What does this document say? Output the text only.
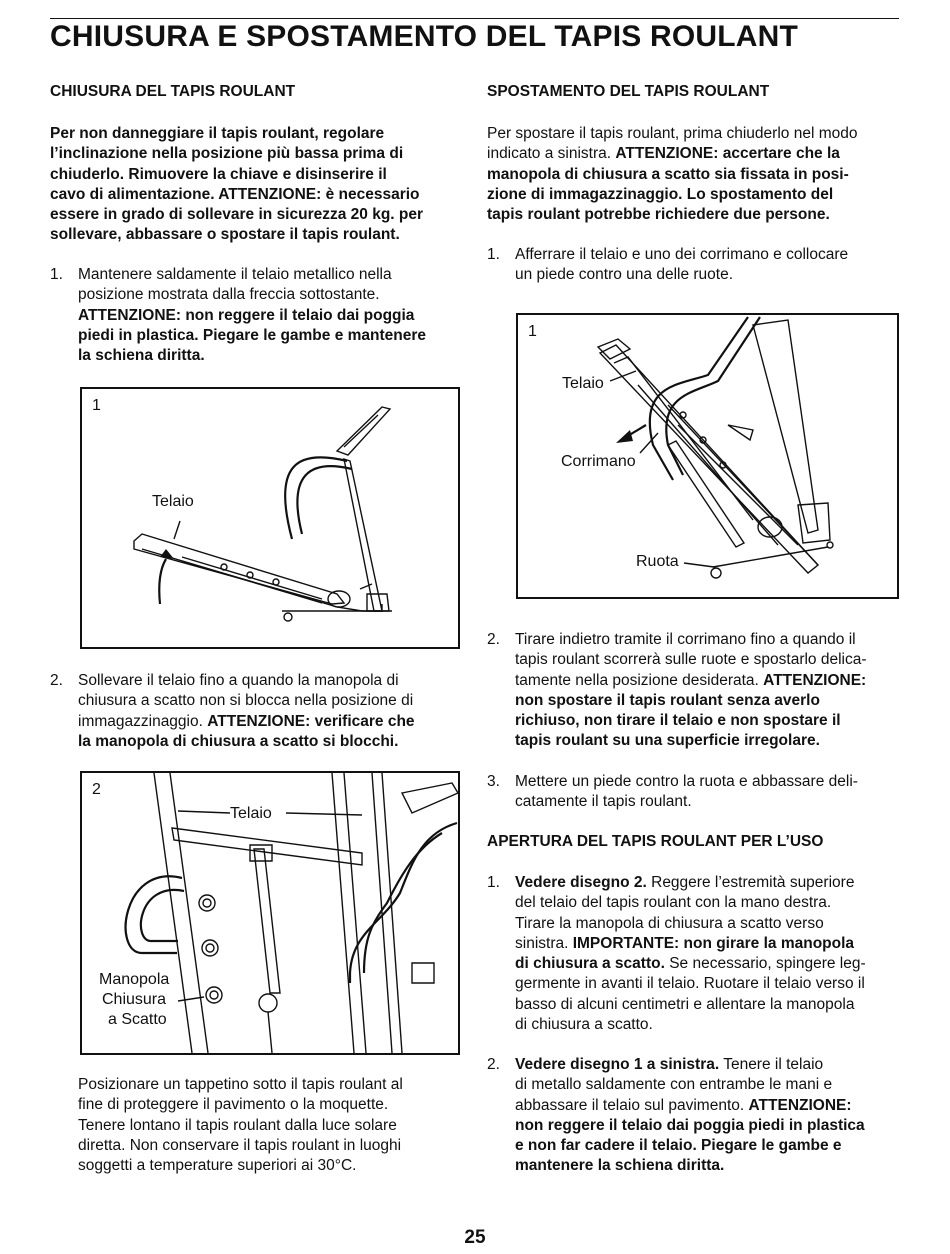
CHIUSURA E SPOSTAMENTO DEL TAPIS ROULANT
CHIUSURA DEL TAPIS ROULANT
Per non danneggiare il tapis roulant, regolare
l’inclinazione nella posizione più bassa prima di
chiuderlo. Rimuovere la chiave e disinserire il
cavo di alimentazione. ATTENZIONE: è necessario
essere in grado di sollevare in sicurezza 20 kg. per
sollevare, abbassare o spostare il tapis roulant.
1. Mantenere saldamente il telaio metallico nella
posizione mostrata dalla freccia sottostante.
ATTENZIONE: non reggere il telaio dai poggia
piedi in plastica. Piegare le gambe e mantenere
la schiena diritta.
1
Telaio
2. Sollevare il telaio fino a quando la manopola di
chiusura a scatto non si blocca nella posizione di
immagazzinaggio. ATTENZIONE: verificare che
la manopola di chiusura a scatto si blocchi.
2
Telaio
Manopola
Chiusura
a Scatto
Posizionare un tappetino sotto il tapis roulant al
fine di proteggere il pavimento o la moquette.
Tenere lontano il tapis roulant dalla luce solare
diretta. Non conservare il tapis roulant in luoghi
soggetti a temperature superiori ai 30°C.
SPOSTAMENTO DEL TAPIS ROULANT
Per spostare il tapis roulant, prima chiuderlo nel modo
indicato a sinistra. ATTENZIONE: accertare che la
manopola di chiusura a scatto sia fissata in posi-
zione di immagazzinaggio. Lo spostamento del
tapis roulant potrebbe richiedere due persone.
1. Afferrare il telaio e uno dei corrimano e collocare
un piede contro una delle ruote.
1
Telaio
Corrimano
Ruota
2. Tirare indietro tramite il corrimano fino a quando il
tapis roulant scorrerà sulle ruote e spostarlo delica-
tamente nella posizione desiderata. ATTENZIONE:
non spostare il tapis roulant senza averlo
richiuso, non tirare il telaio e non spostare il
tapis roulant su una superficie irregolare.
3. Mettere un piede contro la ruota e abbassare deli-
catamente il tapis roulant.
APERTURA DEL TAPIS ROULANT PER L’USO
1. Vedere disegno 2. Reggere l’estremità superiore
del telaio del tapis roulant con la mano destra.
Tirare la manopola di chiusura a scatto verso
sinistra. IMPORTANTE: non girare la manopola
di chiusura a scatto. Se necessario, spingere leg-
germente in avanti il telaio. Ruotare il telaio verso il
basso di alcuni centimetri e allentare la manopola
di chiusura a scatto.
2. Vedere disegno 1 a sinistra. Tenere il telaio
di metallo saldamente con entrambe le mani e
abbassare il telaio sul pavimento. ATTENZIONE:
non reggere il telaio dai poggia piedi in plastica
e non far cadere il telaio. Piegare le gambe e
mantenere la schiena diritta.
25
